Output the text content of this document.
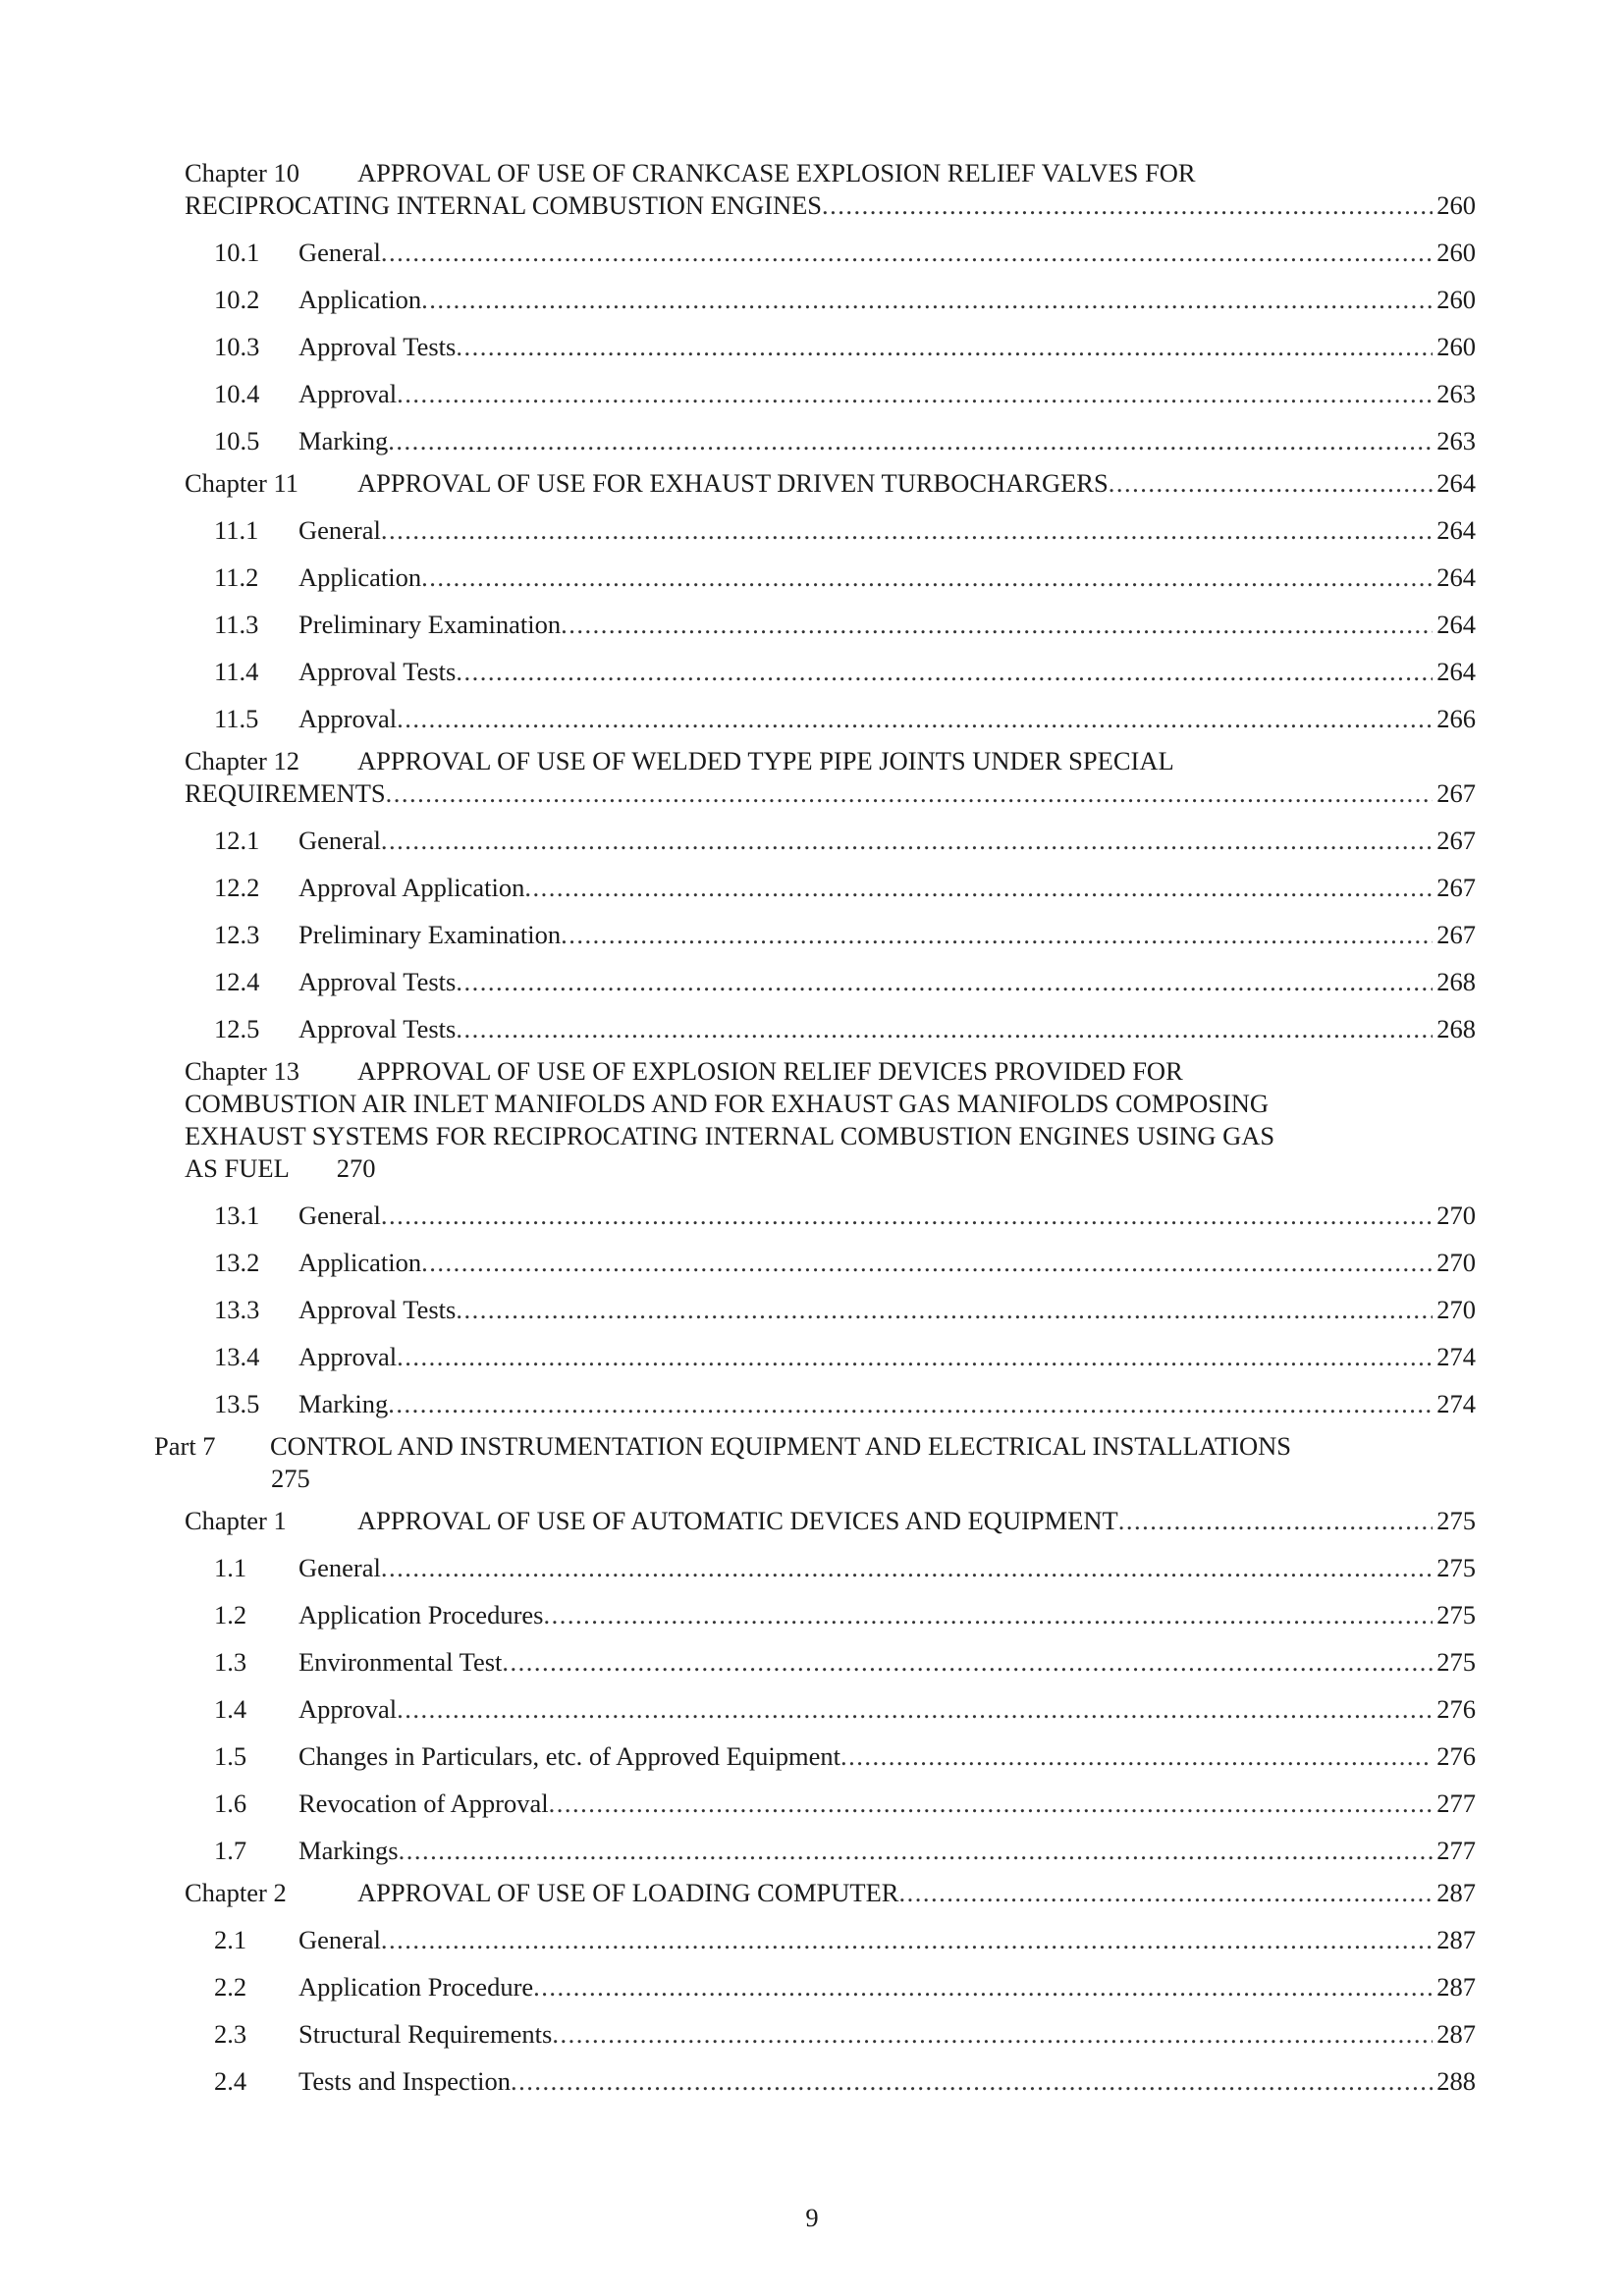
Chapter 10 APPROVAL OF USE OF CRANKCASE EXPLOSION RELIEF VALVES FOR
RECIPROCATING INTERNAL COMBUSTION ENGINES .....	260
10.1 General .....	260
10.2 Application .....	260
10.3 Approval Tests .....	260
10.4 Approval .....	263
10.5 Marking .....	263
Chapter 11 APPROVAL OF USE FOR EXHAUST DRIVEN TURBOCHARGERS .....	264
11.1 General .....	264
11.2 Application .....	264
11.3 Preliminary Examination .....	264
11.4 Approval Tests .....	264
11.5 Approval .....	266
Chapter 12 APPROVAL OF USE OF WELDED TYPE PIPE JOINTS UNDER SPECIAL
REQUIREMENTS .....	267
12.1 General .....	267
12.2 Approval Application .....	267
12.3 Preliminary Examination .....	267
12.4 Approval Tests .....	268
12.5 Approval Tests .....	268
Chapter 13 APPROVAL OF USE OF EXPLOSION RELIEF DEVICES PROVIDED FOR
COMBUSTION AIR INLET MANIFOLDS AND FOR EXHAUST GAS MANIFOLDS COMPOSING
EXHAUST SYSTEMS FOR RECIPROCATING INTERNAL COMBUSTION ENGINES USING GAS
AS FUEL 270
13.1 General .....	270
13.2 Application .....	270
13.3 Approval Tests .....	270
13.4 Approval .....	274
13.5 Marking .....	274
Part 7 CONTROL AND INSTRUMENTATION EQUIPMENT AND ELECTRICAL INSTALLATIONS
275
Chapter 1	APPROVAL OF USE OF AUTOMATIC DEVICES AND EQUIPMENT .....	275
1.1 General .....	275
1.2 Application Procedures .....	275
1.3 Environmental Test .....	275
1.4 Approval .....	276
1.5 Changes in Particulars, etc. of Approved Equipment .....	276
1.6 Revocation of Approval .....	277
1.7 Markings .....	277
Chapter 2	APPROVAL OF USE OF LOADING COMPUTER .....	287
2.1 General .....	287
2.2 Application Procedure .....	287
2.3 Structural Requirements .....	287
2.4 Tests and Inspection .....	288
9
